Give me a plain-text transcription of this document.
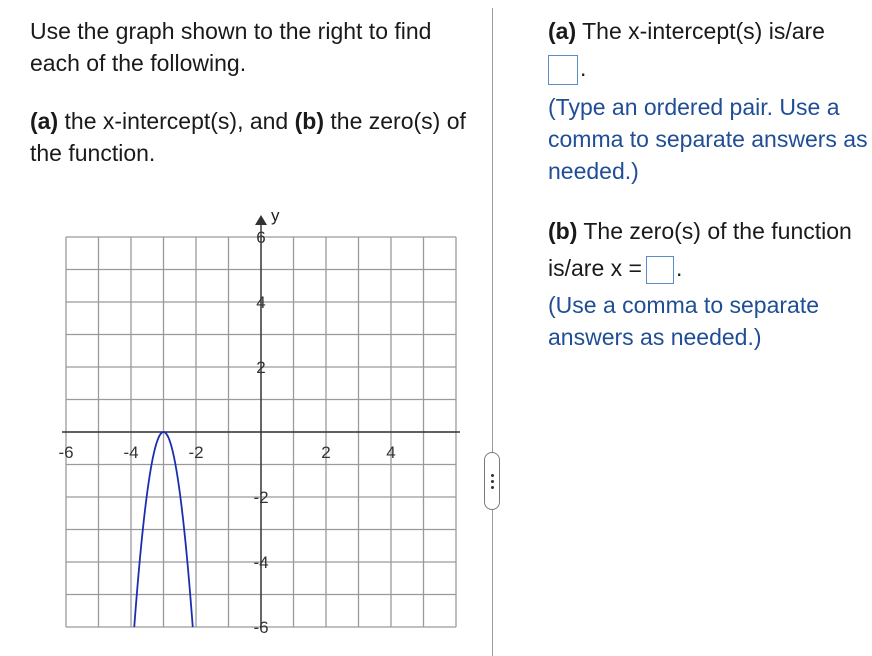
Use the graph shown to the right to find each of the following.
(a) the x-intercept(s), and (b) the zero(s) of the function.
y
-6	-4	-2	2	4
6
4
2
-2
-4
-6
(a) The x-intercept(s) is/are
.
(Type an ordered pair. Use a comma to separate answers as needed.)
(b) The zero(s) of the function is/are x = .
(Use a comma to separate answers as needed.)
